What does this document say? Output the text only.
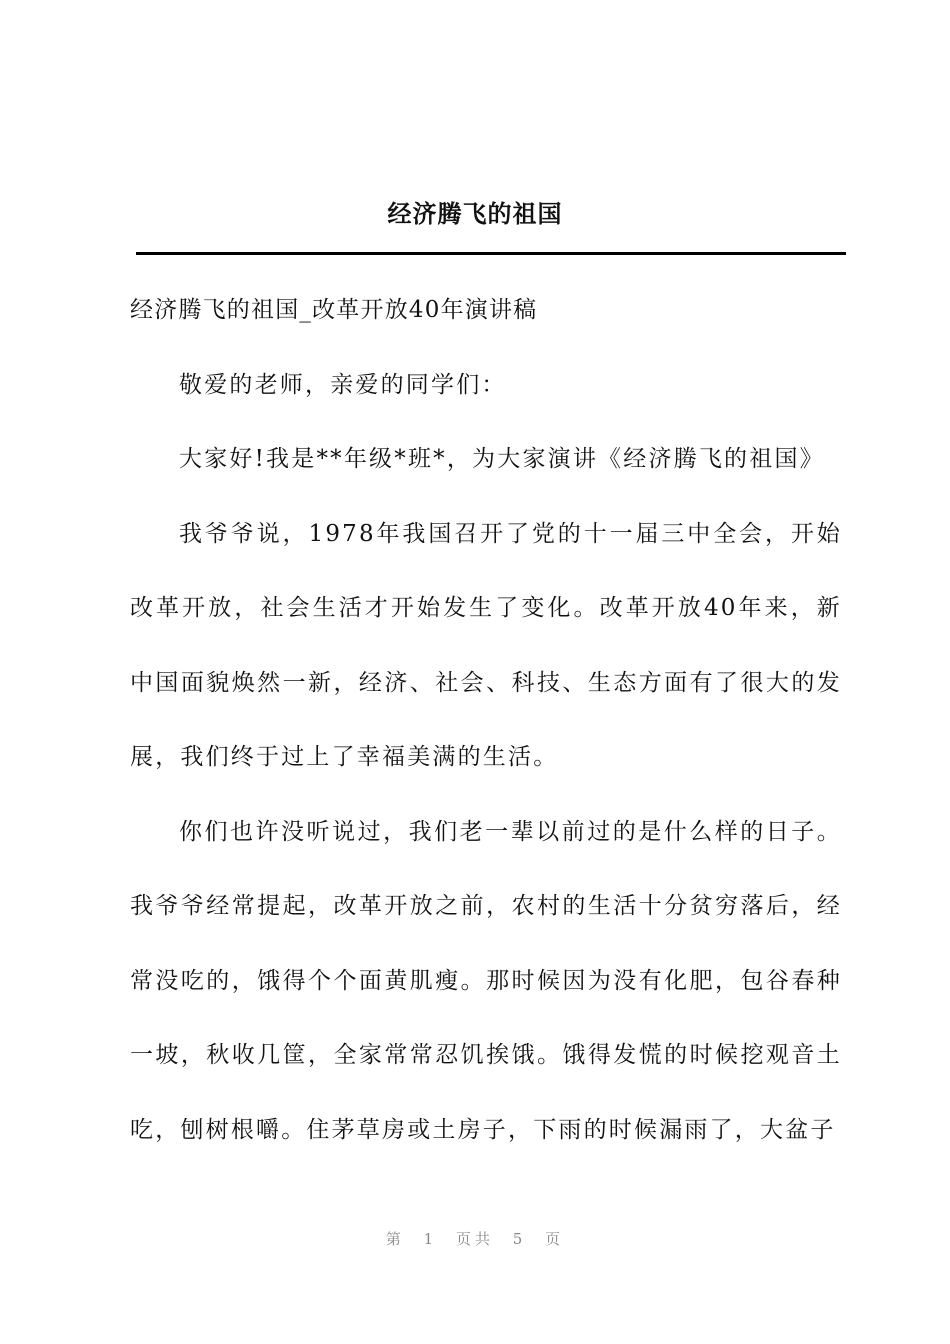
经济腾飞的祖国

经济腾飞的祖国_改革开放40年演讲稿

敬爱的老师，亲爱的同学们：

大家好!我是**年级*班*，为大家演讲《经济腾飞的祖国》

我爷爷说，1978年我国召开了党的十一届三中全会，开始改革开放，社会生活才开始发生了变化。改革开放40年来，新中国面貌焕然一新，经济、社会、科技、生态方面有了很大的发展，我们终于过上了幸福美满的生活。

你们也许没听说过，我们老一辈以前过的是什么样的日子。我爷爷经常提起，改革开放之前，农村的生活十分贫穷落后，经常没吃的，饿得个个面黄肌瘦。那时候因为没有化肥，包谷春种一坡，秋收几筐，全家常常忍饥挨饿。饿得发慌的时候挖观音土吃，刨树根嚼。住茅草房或土房子，下雨的时候漏雨了，大盆子

第 1 页共 5 页
